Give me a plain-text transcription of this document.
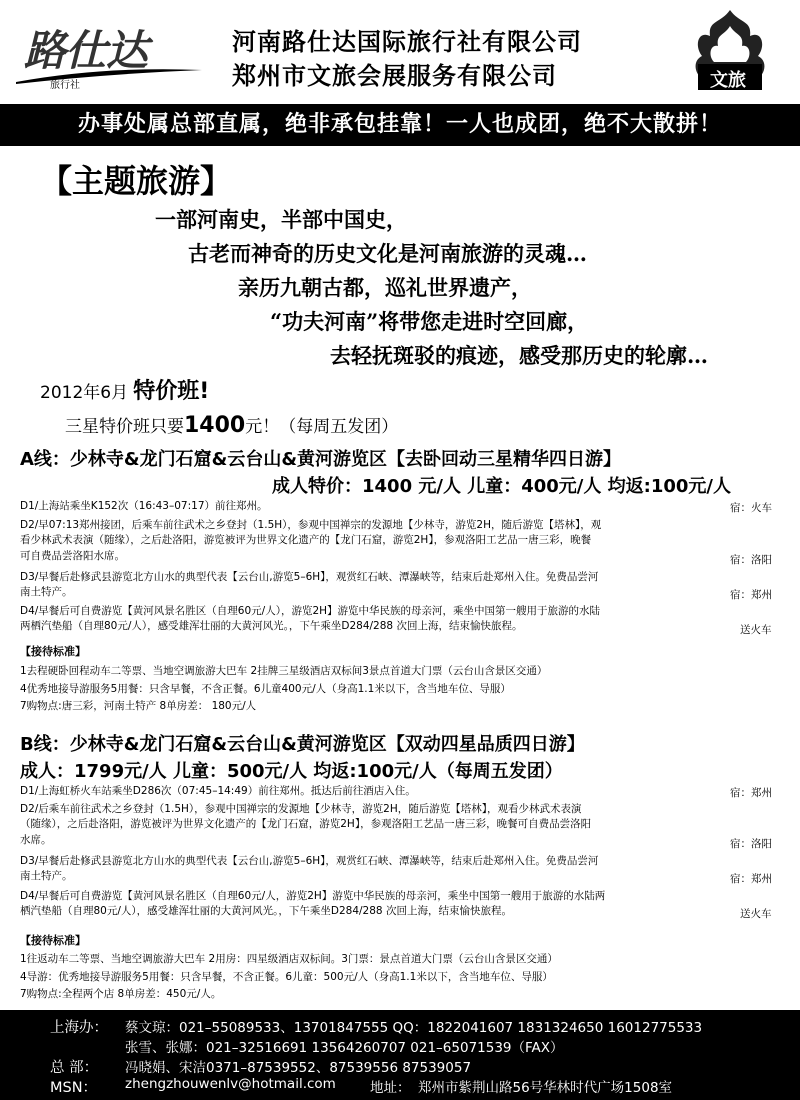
路仕达
旅行社
河南路仕达国际旅行社有限公司
郑州市文旅会展服务有限公司	文旅
办事处属总部直属，绝非承包挂靠！一人也成团，绝不大散拼！
【主题旅游】
一部河南史，半部中国史，
古老而神奇的历史文化是河南旅游的灵魂…
亲历九朝古都，巡礼世界遗产，
“功夫河南”将带您走进时空回廊，
去轻抚斑驳的痕迹，感受那历史的轮廓…
2012年6月 特价班!
三星特价班只要1400元！（每周五发团）
A线：少林寺&龙门石窟&云台山&黄河游览区【去卧回动三星精华四日游】
成人特价：1400 元/人 儿童：400元/人 均返:100元/人
D1/上海站乘坐K152次（16:43–07:17）前往郑州。	宿：火车
D2/早07:13郑州接团，后乘车前往武术之乡登封（1.5H），参观中国禅宗的发源地【少林寺，游览2H，随后游览【塔林】，观
看少林武术表演（随缘），之后赴洛阳，游览被评为世界文化遗产的【龙门石窟，游览2H】，参观洛阳工艺品一唐三彩，晚餐
可自费品尝洛阳水席。	宿：洛阳
D3/早餐后赴修武县游览北方山水的典型代表【云台山,游览5–6H】，观赏红石峡、潭瀑峡等，结束后赴郑州入住。免费品尝河
南土特产。	宿：郑州
D4/早餐后可自费游览【黄河风景名胜区（自理60元/人），游览2H】游览中华民族的母亲河，乘坐中国第一艘用于旅游的水陆
两栖汽垫船（自理80元/人），感受雄浑壮丽的大黄河风光。，下午乘坐D284/288 次回上海，结束愉快旅程。	送火车
【接待标准】
1去程硬卧回程动车二等票、当地空调旅游大巴车 2挂牌三星级酒店双标间3景点首道大门票（云台山含景区交通）
4优秀地接导游服务5用餐：只含早餐，不含正餐。6儿童400元/人（身高1.1米以下，含当地车位、导服）
7购物点:唐三彩，河南土特产 8单房差： 180元/人
B线：少林寺&龙门石窟&云台山&黄河游览区【双动四星品质四日游】
成人：1799元/人 儿童：500元/人 均返:100元/人（每周五发团）
D1/上海虹桥火车站乘坐D286次（07:45–14:49）前往郑州。抵达后前往酒店入住。	宿：郑州
D2/后乘车前往武术之乡登封（1.5H），参观中国禅宗的发源地【少林寺，游览2H，随后游览【塔林】，观看少林武术表演
（随缘），之后赴洛阳，游览被评为世界文化遗产的【龙门石窟，游览2H】，参观洛阳工艺品一唐三彩，晚餐可自费品尝洛阳
水席。	宿：洛阳
D3/早餐后赴修武县游览北方山水的典型代表【云台山,游览5–6H】，观赏红石峡、潭瀑峡等，结束后赴郑州入住。免费品尝河
南土特产。	宿：郑州
D4/早餐后可自费游览【黄河风景名胜区（自理60元/人，游览2H】游览中华民族的母亲河，乘坐中国第一艘用于旅游的水陆两
栖汽垫船（自理80元/人），感受雄浑壮丽的大黄河风光。，下午乘坐D284/288 次回上海，结束愉快旅程。	送火车
【接待标准】
1往返动车二等票、当地空调旅游大巴车 2用房：四星级酒店双标间。3门票：景点首道大门票（云台山含景区交通）
4导游：优秀地接导游服务5用餐：只含早餐，不含正餐。6儿童：500元/人（身高1.1米以下，含当地车位、导服）
7购物点:全程两个店 8单房差：450元/人。
上海办： 蔡文琼：021–55089533、13701847555 QQ：1822041607 1831324650 16012775533
张雪、张娜：021–32516691 13564260707 021–65071539（FAX）
总 部： 冯晓娟、宋洁0371–87539552、87539556 87539057
MSN： zhengzhouwenlv@hotmail.com	地址： 郑州市紫荆山路56号华林时代广场1508室
